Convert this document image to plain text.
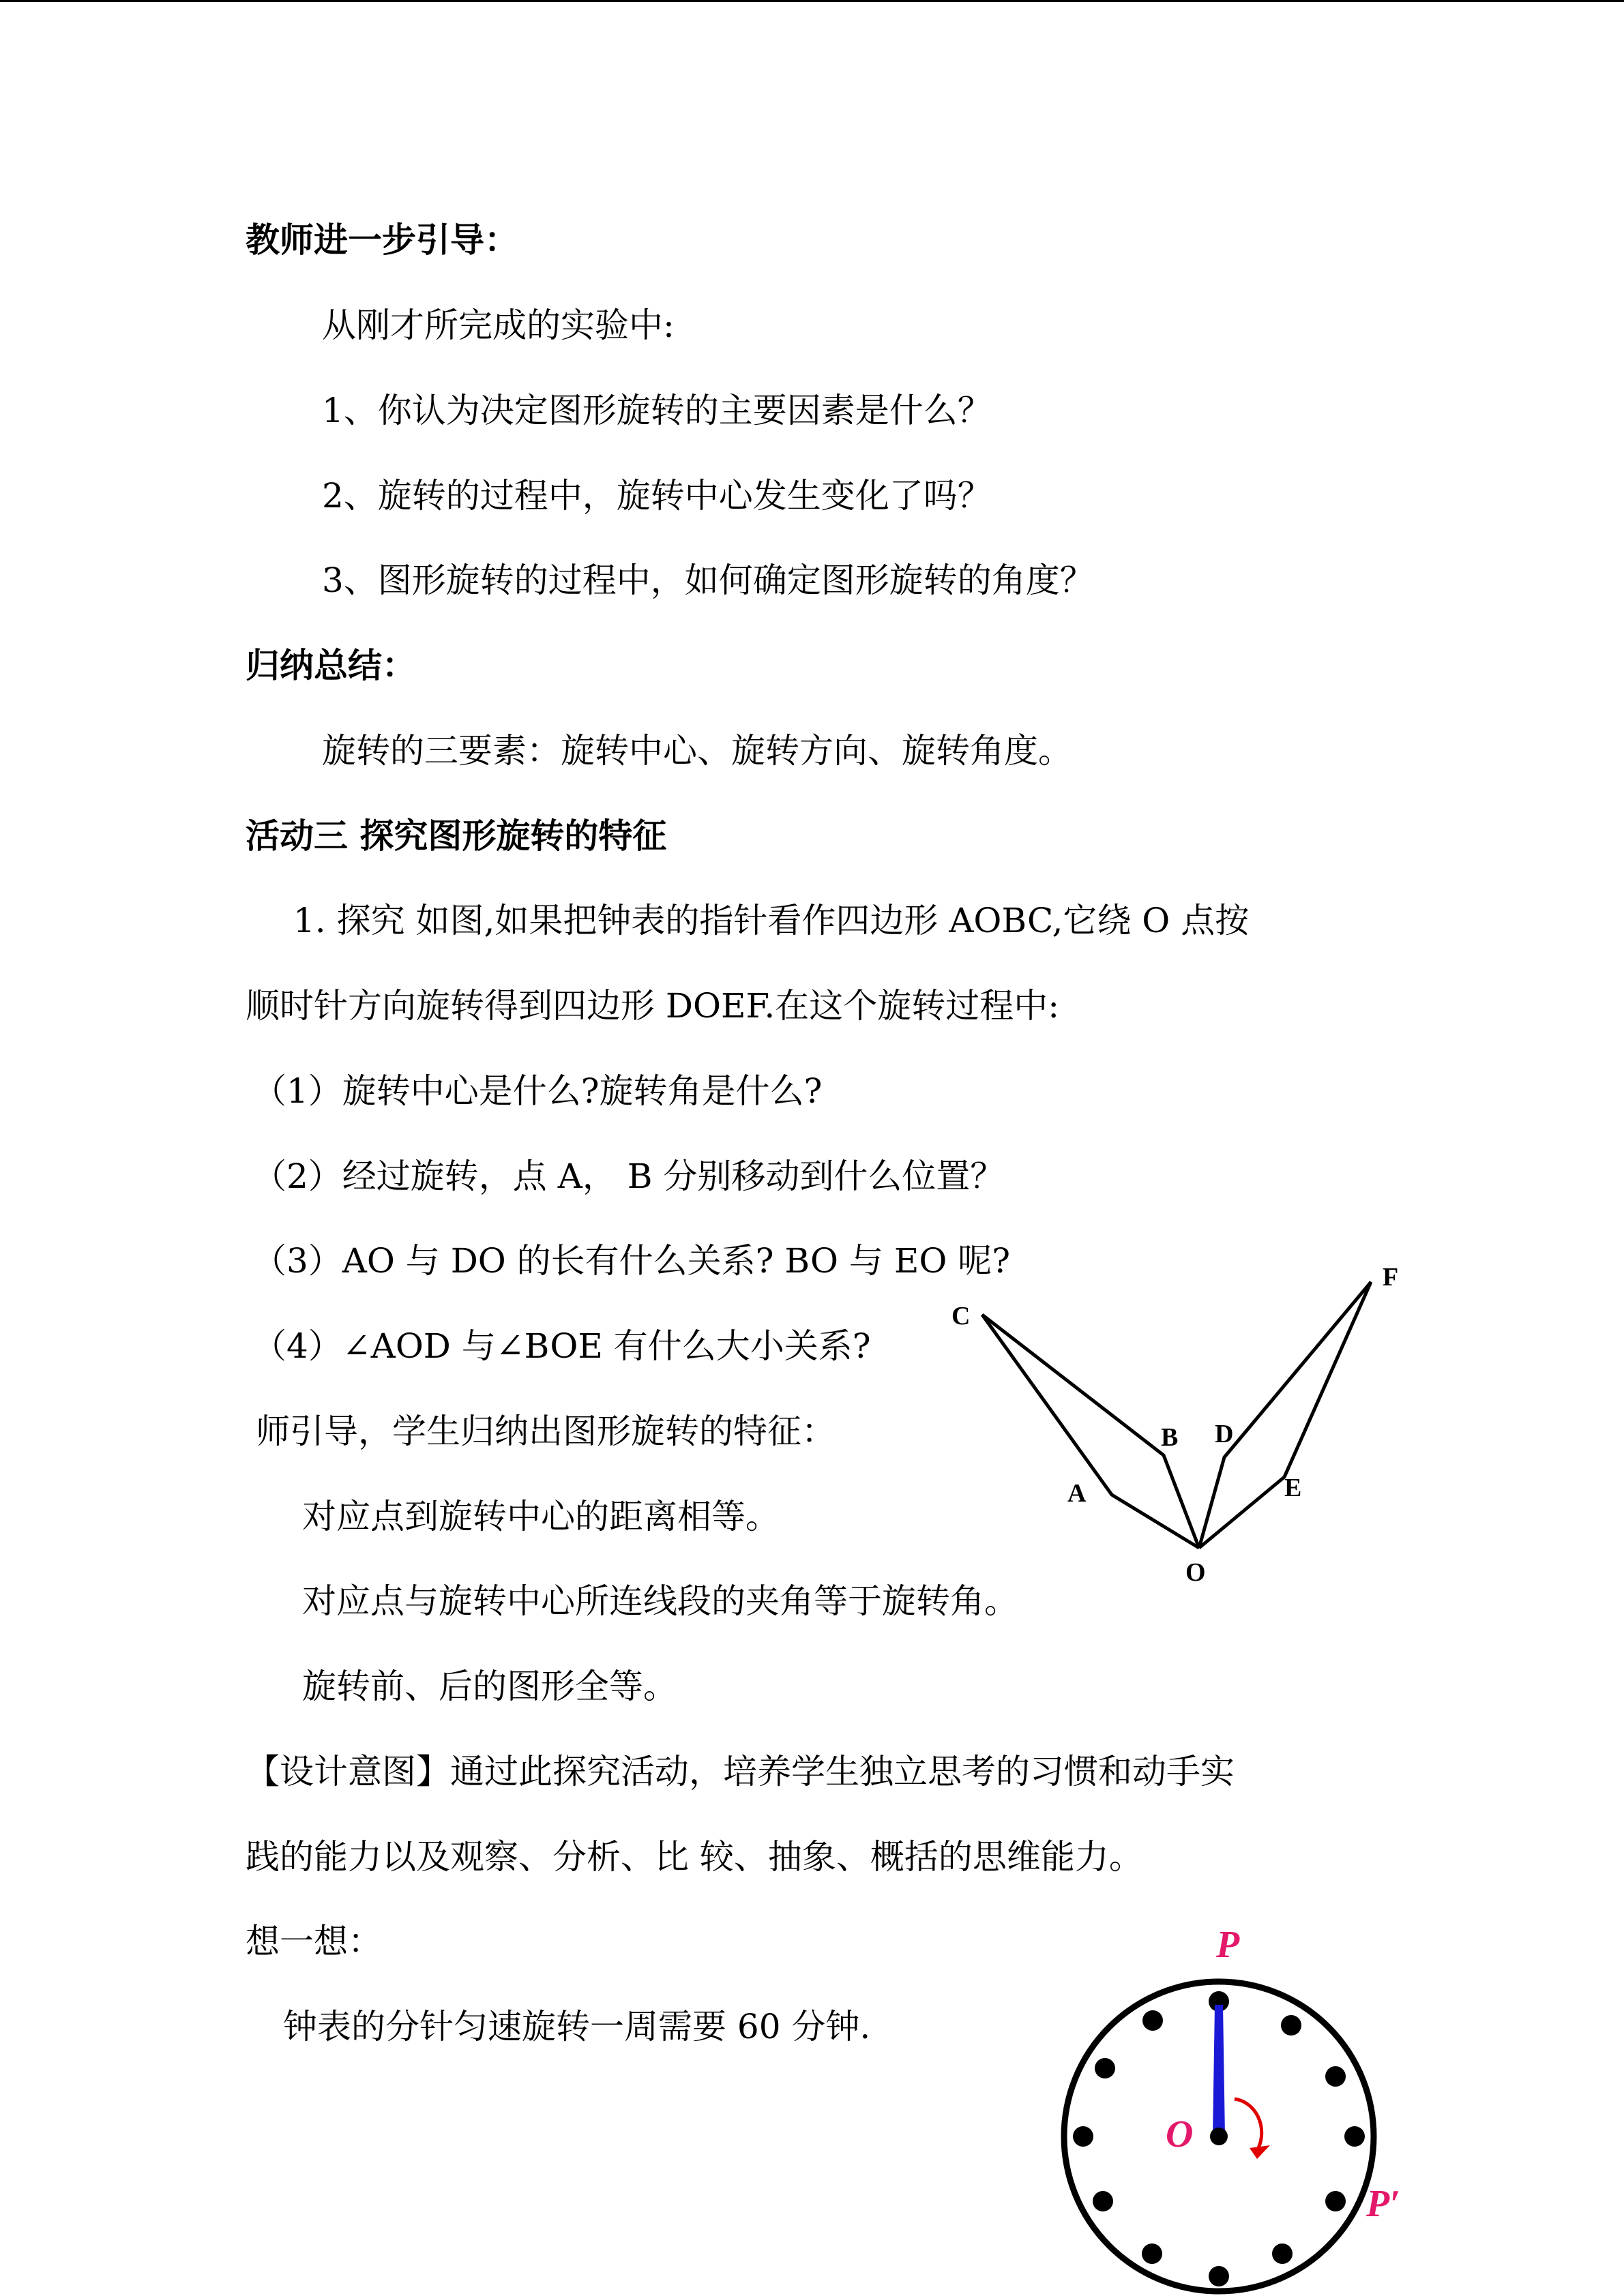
教师进一步引导：
从刚才所完成的实验中:
1、你认为决定图形旋转的主要因素是什么？
2、旋转的过程中，旋转中心发生变化了吗？
3、图形旋转的过程中，如何确定图形旋转的角度？
归纳总结：
旋转的三要素：旋转中心、旋转方向、旋转角度。
活动三 探究图形旋转的特征
1. 探究 如图,如果把钟表的指针看作四边形 AOBC,它绕 O 点按
顺时针方向旋转得到四边形 DOEF.在这个旋转过程中:
（1）旋转中心是什么?旋转角是什么?
（2）经过旋转，点 A， B 分别移动到什么位置？
（3）AO 与 DO 的长有什么关系? BO 与 EO 呢?
（4）∠AOD 与∠BOE 有什么大小关系?
师引导，学生归纳出图形旋转的特征：
对应点到旋转中心的距离相等。
对应点与旋转中心所连线段的夹角等于旋转角。
旋转前、后的图形全等。
【设计意图】通过此探究活动，培养学生独立思考的习惯和动手实
践的能力以及观察、分析、比 较、抽象、概括的思维能力。
想一想：
钟表的分针匀速旋转一周需要 60 分钟.
C
B D
F
A	E
O
P
O
P′
